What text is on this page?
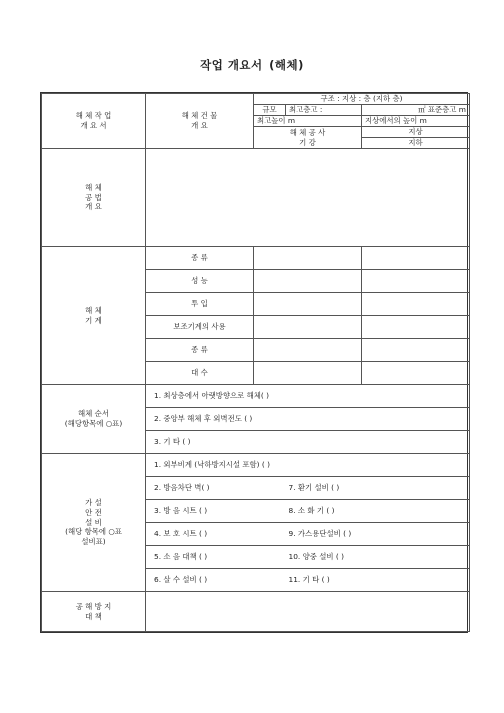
작업 개요서 (해체)
해 체 작 업
개 요 서	해 체 건 물
개 요	구조 : 지상 : 층 (지하 층)		
		규모	최고층고 :	㎡ 표준층고 m
		최고높이 m		지상에서의 높이 m

		해 체 공 사
기 강		지상
				지하

해 체
공 법
개 요				

해 체
기 계	종 류			
	성 능			
	투 입			
	보조기계의 사용			
	종 류			
	대 수			

해체 순서
(해당항목에 ○표)	1. 최상층에서 아랫방향으로 해체( )			
	2. 중앙부 해체 후 외벽전도 ( )			
	3. 기 타 ( )			

가 설
안 전
설 비
(해당 항목에 ○표
설비표)	1. 외부비계 (낙하방지시설 포함) ( )			
	2. 방음차단 벽( )		7. 환기 설비 ( )	
	3. 방 음 시트 ( )		8. 소 화 기 ( )	
	4. 보 호 시트 ( )		9. 가스용단설비 ( )	
	5. 소 음 대책 ( )		10. 양중 설비 ( )	
	6. 살 수 설비 ( )		11. 기 타 ( )	

공 해 방 지
대 책				
